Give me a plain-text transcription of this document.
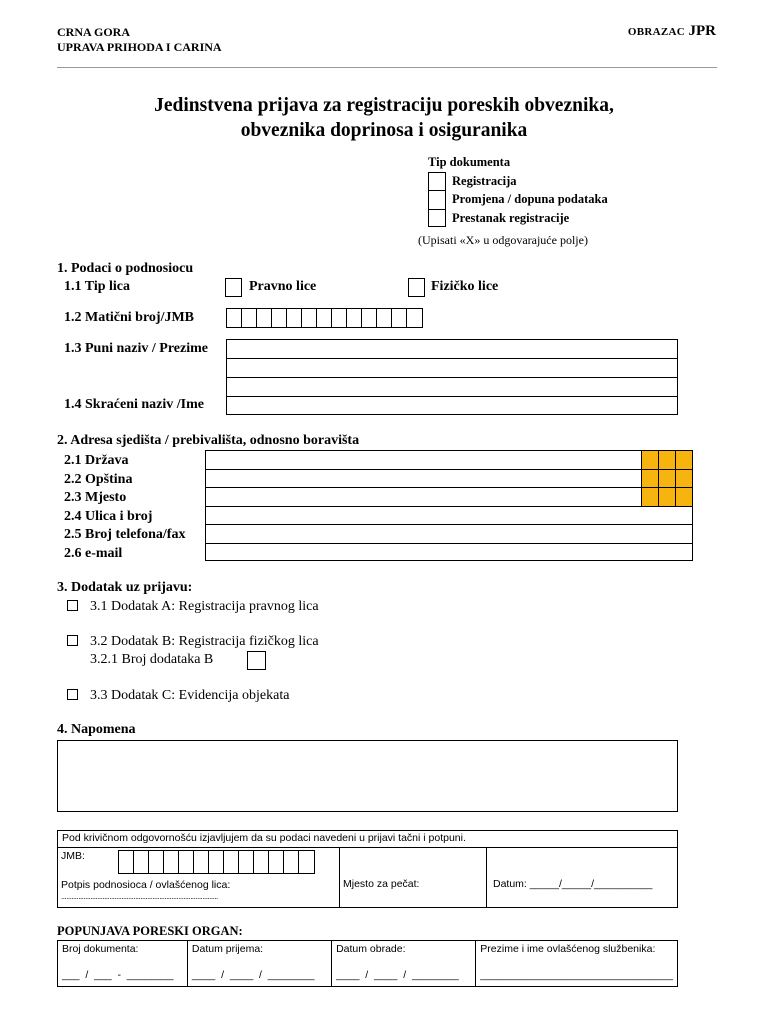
CRNA GORA
UPRAVA PRIHODA I CARINA
OBRAZAC JPR
Jedinstvena prijava za registraciju poreskih obveznika,
obveznika doprinosa i osiguranika
Tip dokumenta
Registracija
Promjena / dopuna podataka
Prestanak registracije
(Upisati «X» u odgovarajuće polje)
1. Podaci o podnosiocu
1.1 Tip lica	Pravno lice	Fizičko lice
1.2 Matični broj/JMB
1.3 Puni naziv / Prezime
1.4 Skraćeni naziv /Ime
2. Adresa sjedišta / prebivališta, odnosno boravišta
2.1 Država
2.2 Opština
2.3 Mjesto
2.4 Ulica i broj
2.5 Broj telefona/fax
2.6 e-mail
3. Dodatak uz prijavu:
3.1 Dodatak A: Registracija pravnog lica
3.2 Dodatak B: Registracija fizičkog lica
3.2.1 Broj dodataka B
3.3 Dodatak C: Evidencija objekata
4. Napomena
Pod krivičnom odgovornošću izjavljujem da su podaci navedeni u prijavi tačni i potpuni.

JMB:
Potpis podnosioca / ovlašćenog lica:
...........................................................................................
	Mjesto za pečat:	Datum: _____/_____/__________
POPUNJAVA PORESKI ORGAN:
Broj dokumenta:
___  /  ___  -  ________

Datum prijema:
____  /  ____  /  ________

Datum obrade:
____  /  ____  /  ________

Prezime i ime ovlašćenog službenika:
_________________________________
